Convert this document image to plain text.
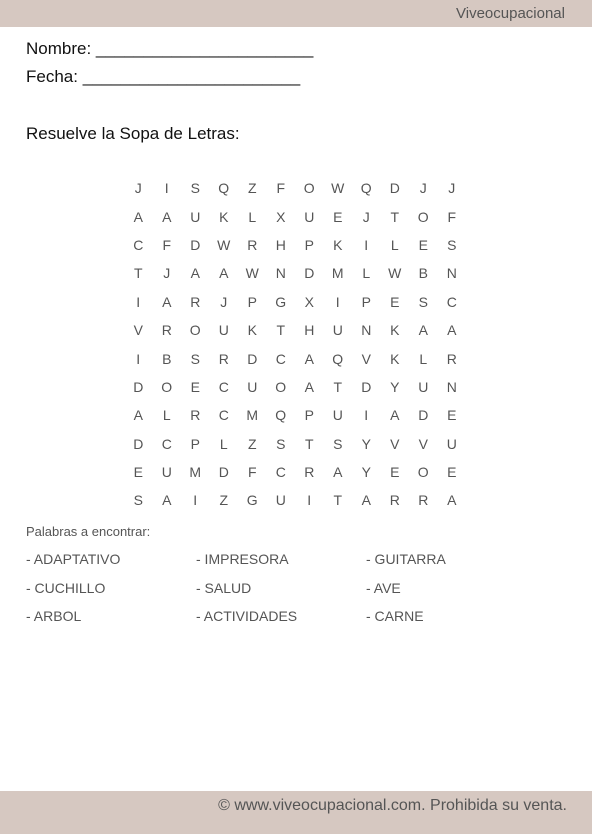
Viveocupacional
Nombre: _______________________
Fecha: _______________________
Resuelve la Sopa de Letras:
J	I	S	Q	Z	F	O	W	Q	D	J	J
A	A	U	K	L	X	U	E	J	T	O	F
C	F	D	W	R	H	P	K	I	L	E	S
T	J	A	A	W	N	D	M	L	W	B	N
I	A	R	J	P	G	X	I	P	E	S	C
V	R	O	U	K	T	H	U	N	K	A	A
I	B	S	R	D	C	A	Q	V	K	L	R
D	O	E	C	U	O	A	T	D	Y	U	N
A	L	R	C	M	Q	P	U	I	A	D	E
D	C	P	L	Z	S	T	S	Y	V	V	U
E	U	M	D	F	C	R	A	Y	E	O	E
S	A	I	Z	G	U	I	T	A	R	R	A
Palabras a encontrar:
- ADAPTATIVO	- IMPRESORA	- GUITARRA
- CUCHILLO	- SALUD	- AVE
- ARBOL	- ACTIVIDADES	- CARNE
© www.viveocupacional.com. Prohibida su venta.
